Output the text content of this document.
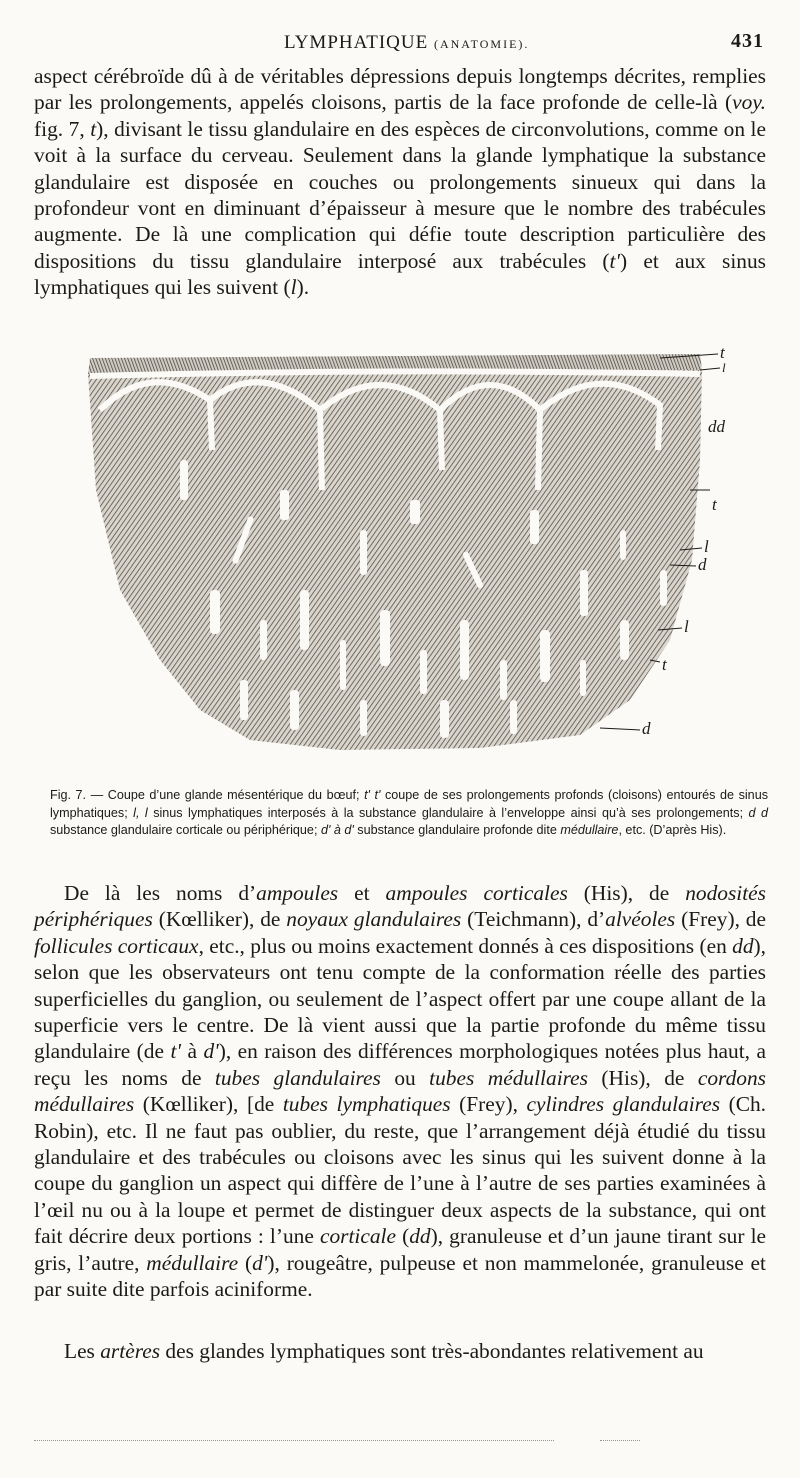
LYMPHATIQUE (ANATOMIE).	431

aspect cérébroïde dû à de véritables dépressions depuis longtemps décrites, remplies par les prolongements, appelés cloisons, partis de la face profonde de celle-là (voy. fig. 7, t), divisant le tissu glandulaire en des espèces de circonvolutions, comme on le voit à la surface du cerveau. Seulement dans la glande lymphatique la substance glandulaire est disposée en couches ou prolongements sinueux qui dans la profondeur vont en diminuant d’épaisseur à mesure que le nombre des trabécules augmente. De là une complication qui défie toute description particulière des dispositions du tissu glandulaire interposé aux trabécules (t') et aux sinus lymphatiques qui les suivent (l).

t
l
dd
t
l
d
l
t
d

Fig. 7. — Coupe d’une glande mésentérique du bœuf; t' t' coupe de ses prolongements profonds (cloisons) entourés de sinus lymphatiques; l, l sinus lymphatiques interposés à la substance glandulaire à l’enveloppe ainsi qu’à ses prolongements; d d substance glandulaire corticale ou périphérique; d' à d' substance glandulaire profonde dite médullaire, etc. (D’après His).

De là les noms d’ampoules et ampoules corticales (His), de nodosités périphériques (Kœlliker), de noyaux glandulaires (Teichmann), d’alvéoles (Frey), de follicules corticaux, etc., plus ou moins exactement donnés à ces dispositions (en dd), selon que les observateurs ont tenu compte de la conformation réelle des parties superficielles du ganglion, ou seulement de l’aspect offert par une coupe allant de la superficie vers le centre. De là vient aussi que la partie profonde du même tissu glandulaire (de t' à d'), en raison des différences morphologiques notées plus haut, a reçu les noms de tubes glandulaires ou tubes médullaires (His), de cordons médullaires (Kœlliker), [de tubes lymphatiques (Frey), cylindres glandulaires (Ch. Robin), etc. Il ne faut pas oublier, du reste, que l’arrangement déjà étudié du tissu glandulaire et des trabécules ou cloisons avec les sinus qui les suivent donne à la coupe du ganglion un aspect qui diffère de l’une à l’autre de ses parties examinées à l’œil nu ou à la loupe et permet de distinguer deux aspects de la substance, qui ont fait décrire deux portions : l’une corticale (dd), granuleuse et d’un jaune tirant sur le gris, l’autre, médullaire (d'), rougeâtre, pulpeuse et non mammelonée, granuleuse et par suite dite parfois aciniforme.

Les artères des glandes lymphatiques sont très-abondantes relativement au
